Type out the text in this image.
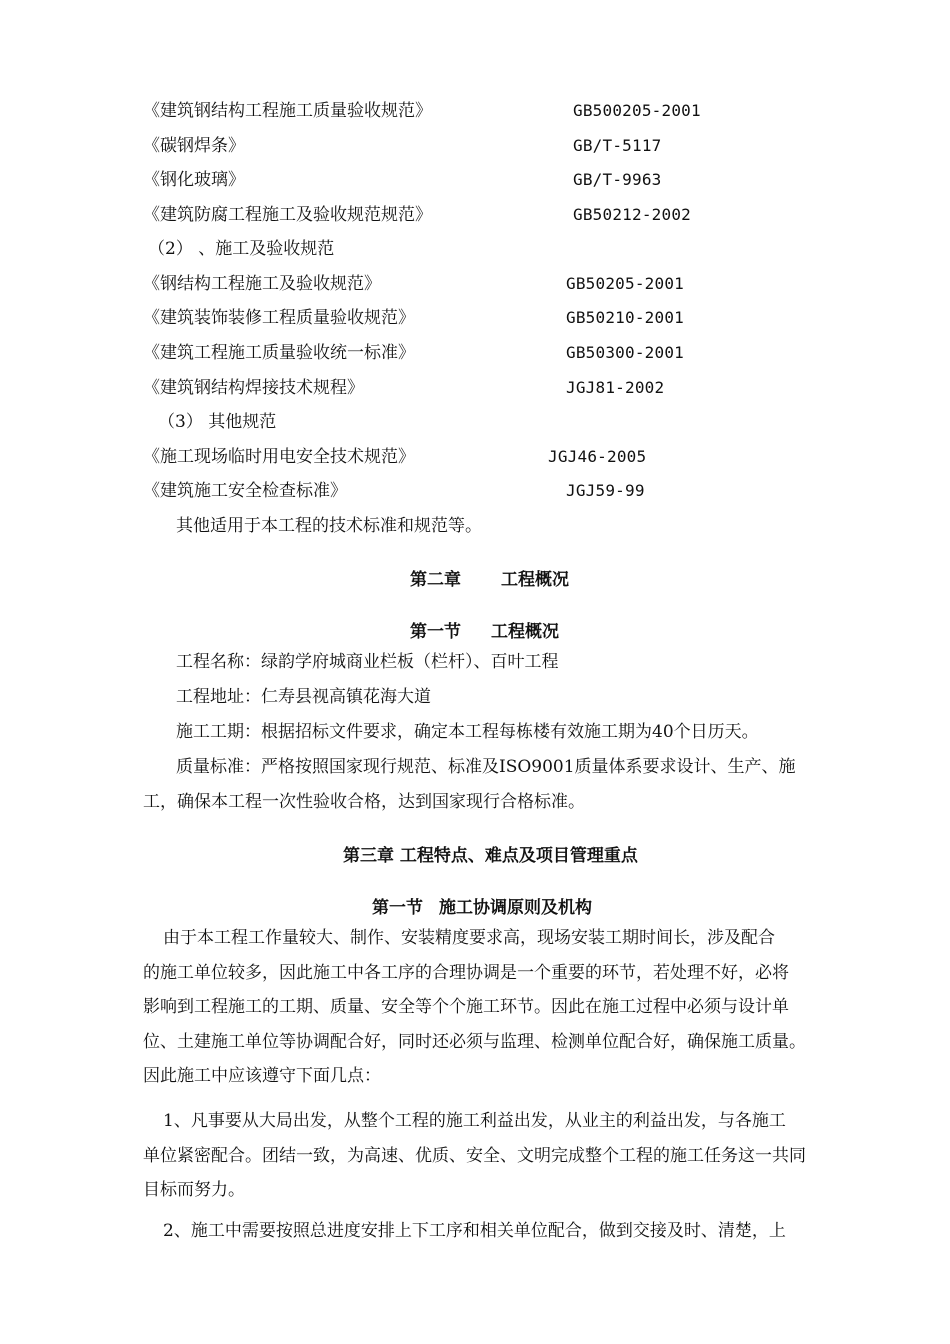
《建筑钢结构工程施工质量验收规范》	GB500205-2001
《碳钢焊条》	GB/T-5117
《钢化玻璃》	GB/T-9963
《建筑防腐工程施工及验收规范规范》	GB50212-2002
（2） 、施工及验收规范
《钢结构工程施工及验收规范》	GB50205-2001
《建筑装饰装修工程质量验收规范》	GB50210-2001
《建筑工程施工质量验收统一标准》	GB50300-2001
《建筑钢结构焊接技术规程》	JGJ81-2002
（3） 其他规范
《施工现场临时用电安全技术规范》	JGJ46-2005
《建筑施工安全检查标准》	JGJ59-99
其他适用于本工程的技术标准和规范等。
第二章 工程概况
第一节 工程概况
工程名称：绿韵学府城商业栏板（栏杆）、百叶工程
工程地址：仁寿县视高镇花海大道
施工工期：根据招标文件要求，确定本工程每栋楼有效施工期为40个日历天。
质量标准：严格按照国家现行规范、标准及ISO9001质量体系要求设计、生产、施
工，确保本工程一次性验收合格，达到国家现行合格标准。
第三章 工程特点、难点及项目管理重点
第一节 施工协调原则及机构

由于本工程工作量较大、制作、安装精度要求高，现场安装工期时间长，涉及配合

的施工单位较多，因此施工中各工序的合理协调是一个重要的环节，若处理不好，必将

影响到工程施工的工期、质量、安全等个个施工环节。因此在施工过程中必须与设计单

位、土建施工单位等协调配合好，同时还必须与监理、检测单位配合好，确保施工质量。

因此施工中应该遵守下面几点：

1、凡事要从大局出发，从整个工程的施工利益出发，从业主的利益出发，与各施工

单位紧密配合。团结一致，为高速、优质、安全、文明完成整个工程的施工任务这一共同

目标而努力。

2、施工中需要按照总进度安排上下工序和相关单位配合，做到交接及时、清楚，上
